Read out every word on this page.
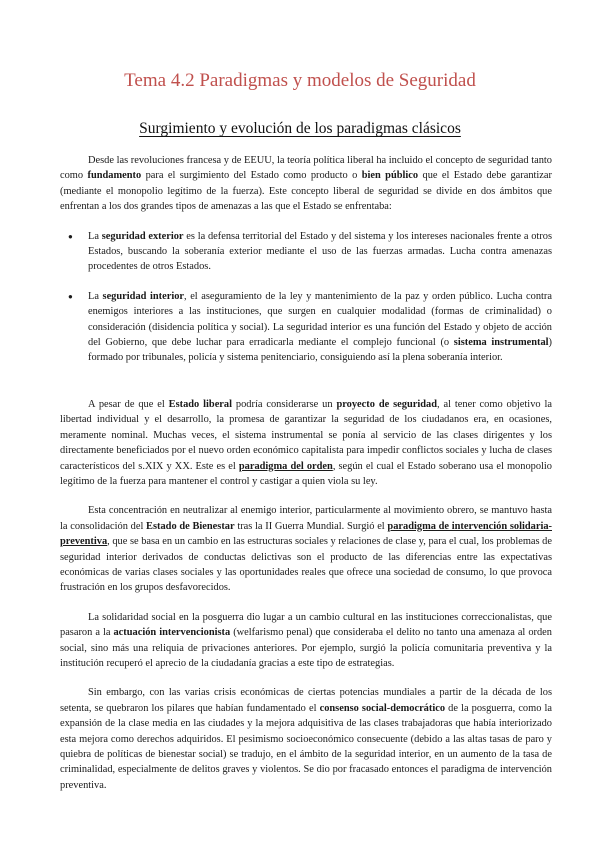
Tema 4.2 Paradigmas y modelos de Seguridad
Surgimiento y evolución de los paradigmas clásicos

Desde las revoluciones francesa y de EEUU, la teoría política liberal ha incluido el concepto de seguridad tanto como fundamento para el surgimiento del Estado como producto o bien público que el Estado debe garantizar (mediante el monopolio legítimo de la fuerza). Este concepto liberal de seguridad se divide en dos ámbitos que enfrentan a los dos grandes tipos de amenazas a las que el Estado se enfrentaba:

● La seguridad exterior es la defensa territorial del Estado y del sistema y los intereses nacionales frente a otros Estados, buscando la soberanía exterior mediante el uso de las fuerzas armadas. Lucha contra amenazas procedentes de otros Estados.
● La seguridad interior, el aseguramiento de la ley y mantenimiento de la paz y orden público. Lucha contra enemigos interiores a las instituciones, que surgen en cualquier modalidad (formas de criminalidad) o consideración (disidencia política y social). La seguridad interior es una función del Estado y objeto de acción del Gobierno, que debe luchar para erradicarla mediante el complejo funcional (o sistema instrumental) formado por tribunales, policía y sistema penitenciario, consiguiendo así la plena soberanía interior.

A pesar de que el Estado liberal podría considerarse un proyecto de seguridad, al tener como objetivo la libertad individual y el desarrollo, la promesa de garantizar la seguridad de los ciudadanos era, en ocasiones, meramente nominal. Muchas veces, el sistema instrumental se ponía al servicio de las clases dirigentes y los directamente beneficiados por el nuevo orden económico capitalista para impedir conflictos sociales y lucha de clases característicos del s.XIX y XX. Este es el paradigma del orden, según el cual el Estado soberano usa el monopolio legítimo de la fuerza para mantener el control y castigar a quien viola su ley.

Esta concentración en neutralizar al enemigo interior, particularmente al movimiento obrero, se mantuvo hasta la consolidación del Estado de Bienestar tras la II Guerra Mundial. Surgió el paradigma de intervención solidaria-preventiva, que se basa en un cambio en las estructuras sociales y relaciones de clase y, para el cual, los problemas de seguridad interior derivados de conductas delictivas son el producto de las diferencias entre las expectativas económicas de varias clases sociales y las oportunidades reales que ofrece una sociedad de consumo, lo que provoca frustración en los grupos desfavorecidos.

La solidaridad social en la posguerra dio lugar a un cambio cultural en las instituciones correccionalistas, que pasaron a la actuación intervencionista (welfarismo penal) que consideraba el delito no tanto una amenaza al orden social, sino más una reliquia de privaciones anteriores. Por ejemplo, surgió la policía comunitaria preventiva y la institución recuperó el aprecio de la ciudadanía gracias a este tipo de estrategias.

Sin embargo, con las varias crisis económicas de ciertas potencias mundiales a partir de la década de los setenta, se quebraron los pilares que habían fundamentado el consenso social-democrático de la posguerra, como la expansión de la clase media en las ciudades y la mejora adquisitiva de las clases trabajadoras que había interiorizado esta mejora como derechos adquiridos. El pesimismo socioeconómico consecuente (debido a las altas tasas de paro y quiebra de políticas de bienestar social) se tradujo, en el ámbito de la seguridad interior, en un aumento de la tasa de criminalidad, especialmente de delitos graves y violentos. Se dio por fracasado entonces el paradigma de intervención preventiva.
